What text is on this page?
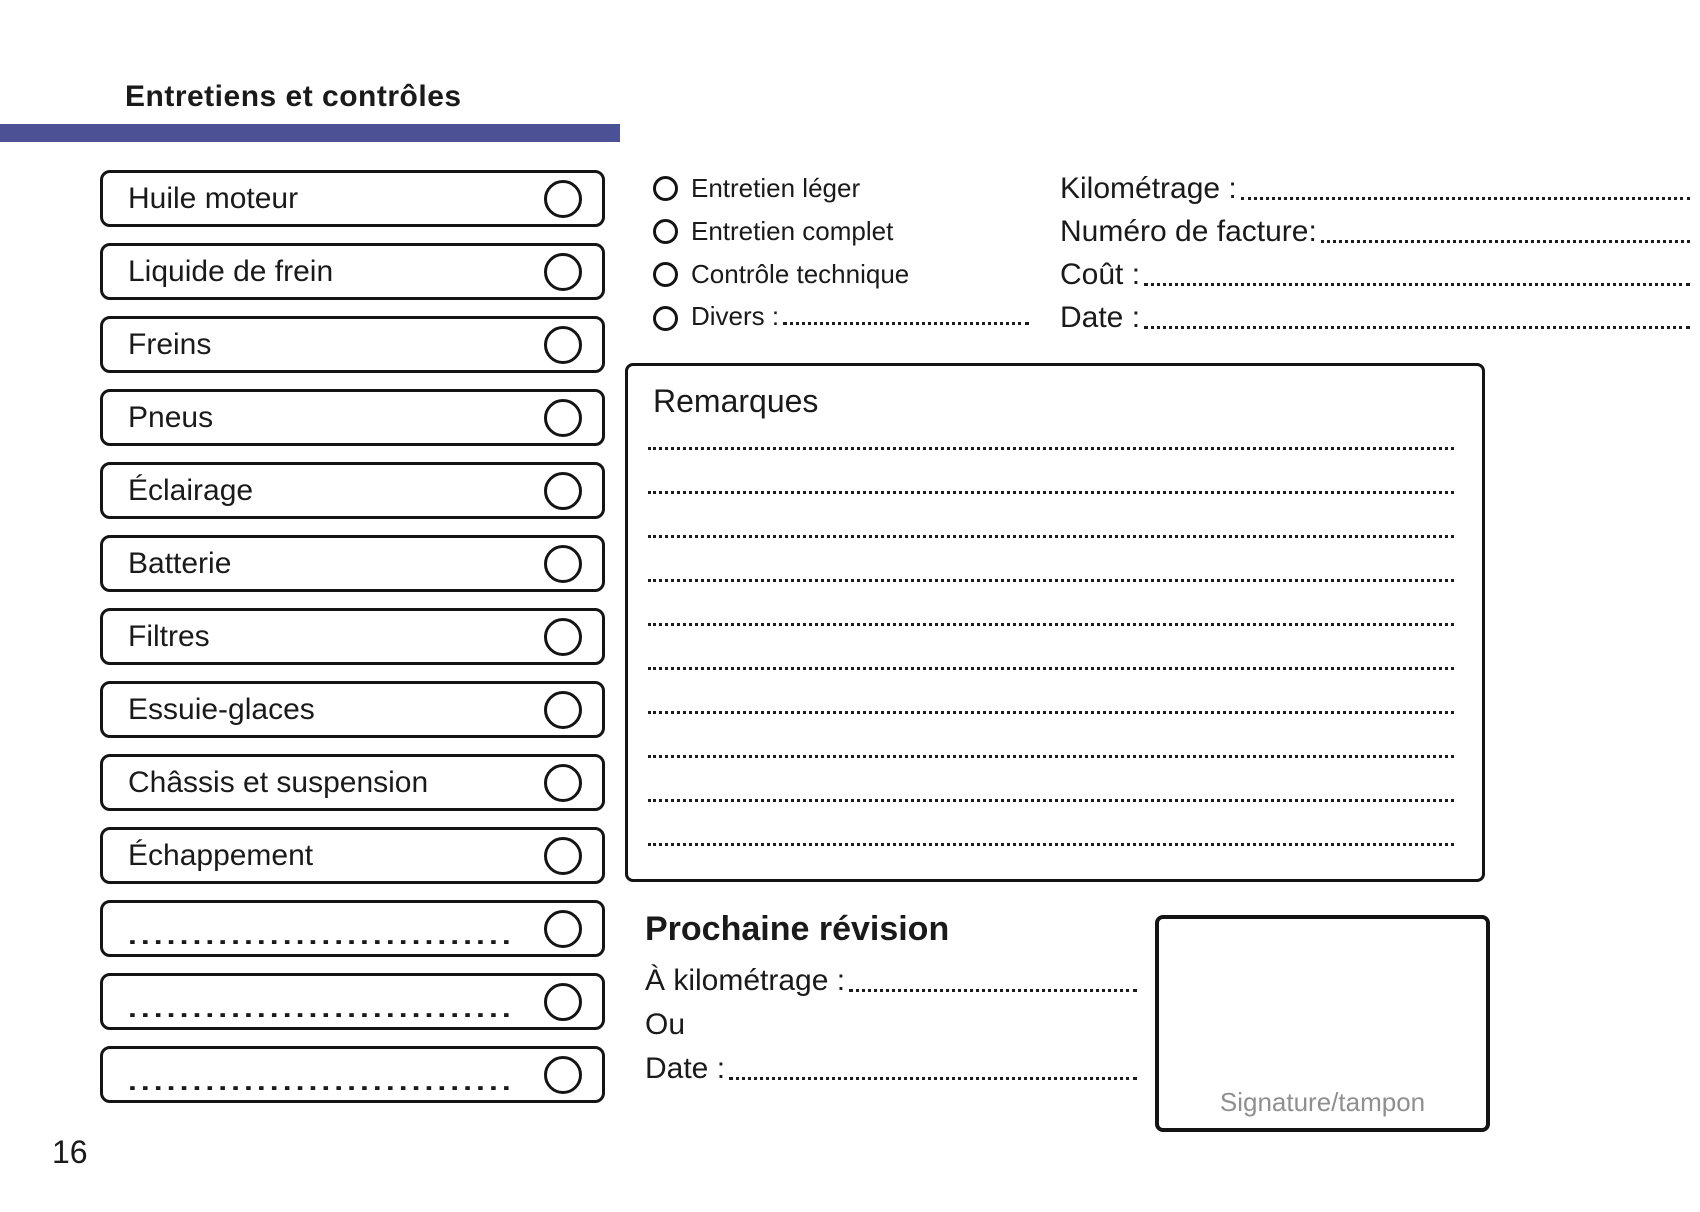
Entretiens et contrôles
Huile moteur
Liquide de frein
Freins
Pneus
Éclairage
Batterie
Filtres
Essuie-glaces
Châssis et suspension
Échappement
..............................
..............................
..............................
Entretien léger
Entretien complet
Contrôle technique
Divers :
Kilométrage :
Numéro de facture:
Coût :
Date :
Remarques
Prochaine révision
À kilométrage :
Ou
Date :
Signature/tampon
16
